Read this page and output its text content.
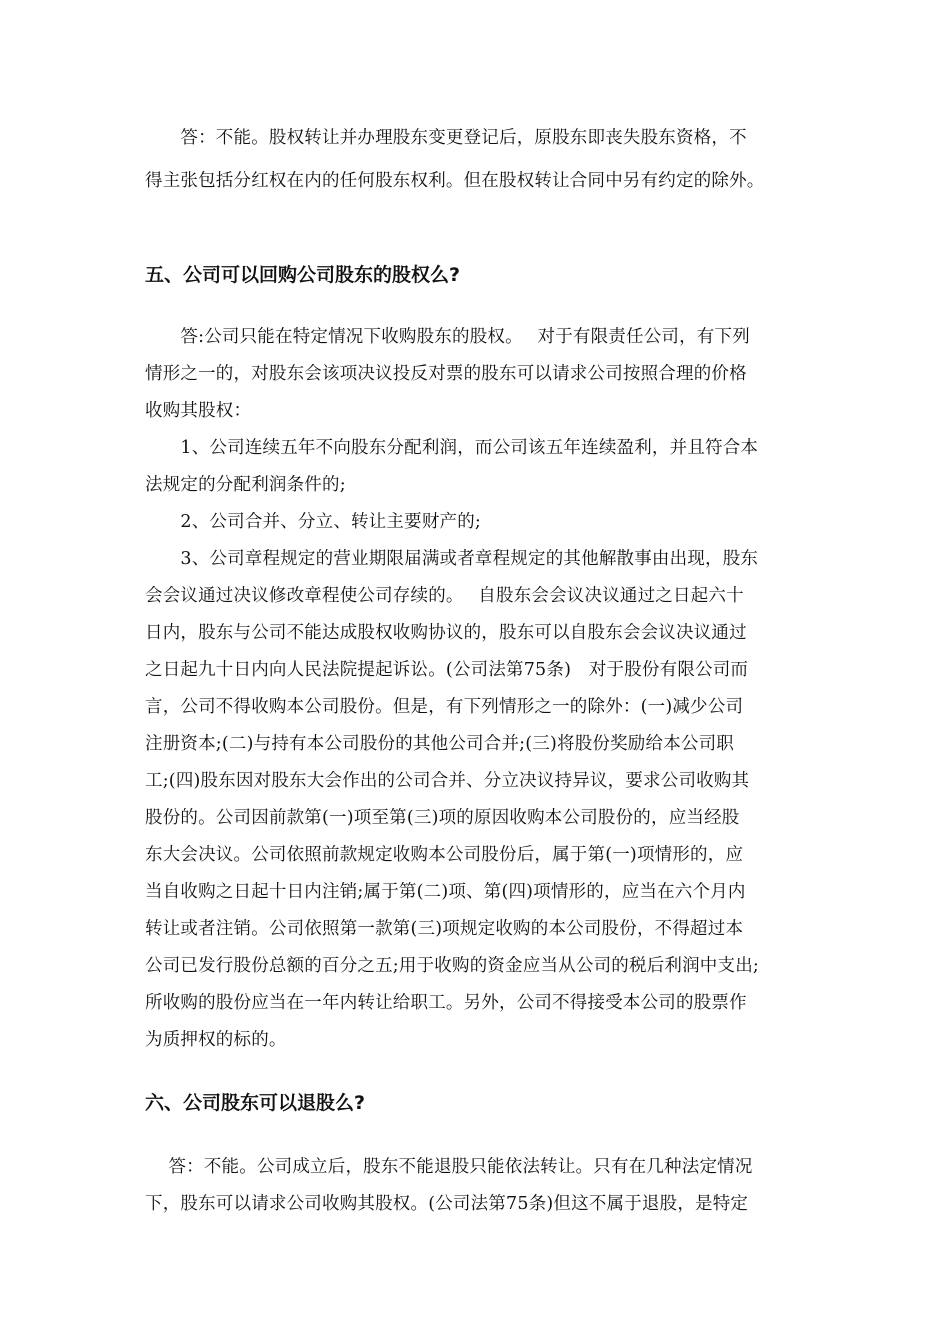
　　答：不能。股权转让并办理股东变更登记后，原股东即丧失股东资格，不
得主张包括分红权在内的任何股东权利。但在股权转让合同中另有约定的除外。
五、公司可以回购公司股东的股权么?
　　答:公司只能在特定情况下收购股东的股权。　 对于有限责任公司，有下列
情形之一的，对股东会该项决议投反对票的股东可以请求公司按照合理的价格
收购其股权：
　　1、公司连续五年不向股东分配利润，而公司该五年连续盈利，并且符合本
法规定的分配利润条件的;
　　2、公司合并、分立、转让主要财产的;
　　3、公司章程规定的营业期限届满或者章程规定的其他解散事由出现，股东
会会议通过决议修改章程使公司存续的。　 自股东会会议决议通过之日起六十
日内，股东与公司不能达成股权收购协议的，股东可以自股东会会议决议通过
之日起九十日内向人民法院提起诉讼。(公司法第75条)　对于股份有限公司而
言，公司不得收购本公司股份。但是，有下列情形之一的除外：(一)减少公司
注册资本;(二)与持有本公司股份的其他公司合并;(三)将股份奖励给本公司职
工;(四)股东因对股东大会作出的公司合并、分立决议持异议，要求公司收购其
股份的。公司因前款第(一)项至第(三)项的原因收购本公司股份的，应当经股
东大会决议。公司依照前款规定收购本公司股份后，属于第(一)项情形的，应
当自收购之日起十日内注销;属于第(二)项、第(四)项情形的，应当在六个月内
转让或者注销。公司依照第一款第(三)项规定收购的本公司股份，不得超过本
公司已发行股份总额的百分之五;用于收购的资金应当从公司的税后利润中支出;
所收购的股份应当在一年内转让给职工。另外，公司不得接受本公司的股票作
为质押权的标的。
六、公司股东可以退股么?
　 答：不能。公司成立后，股东不能退股只能依法转让。只有在几种法定情况
下，股东可以请求公司收购其股权。(公司法第75条)但这不属于退股，是特定
